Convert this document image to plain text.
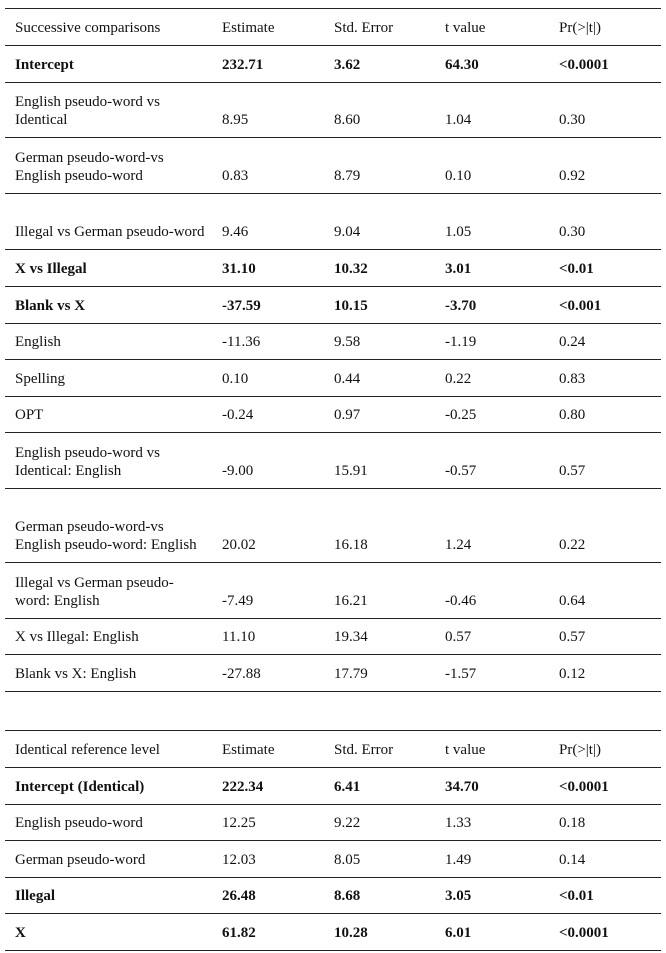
Successive comparisons	Estimate	Std. Error	t value	Pr(>|t|)
Intercept	232.71	3.62	64.30	<0.0001
English pseudo-word vs Identical	8.95	8.60	1.04	0.30
German pseudo-word-vs English pseudo-word	0.83	8.79	0.10	0.92
Illegal vs German pseudo-word	9.46	9.04	1.05	0.30
X vs Illegal	31.10	10.32	3.01	<0.01
Blank vs X	-37.59	10.15	-3.70	<0.001
English	-11.36	9.58	-1.19	0.24
Spelling	0.10	0.44	0.22	0.83
OPT	-0.24	0.97	-0.25	0.80
English pseudo-word vs Identical: English	-9.00	15.91	-0.57	0.57
German pseudo-word-vs English pseudo-word: English	20.02	16.18	1.24	0.22
Illegal vs German pseudo-word: English	-7.49	16.21	-0.46	0.64
X vs Illegal: English	11.10	19.34	0.57	0.57
Blank vs X: English	-27.88	17.79	-1.57	0.12
Identical reference level	Estimate	Std. Error	t value	Pr(>|t|)
Intercept (Identical)	222.34	6.41	34.70	<0.0001
English pseudo-word	12.25	9.22	1.33	0.18
German pseudo-word	12.03	8.05	1.49	0.14
Illegal	26.48	8.68	3.05	<0.01
X	61.82	10.28	6.01	<0.0001
